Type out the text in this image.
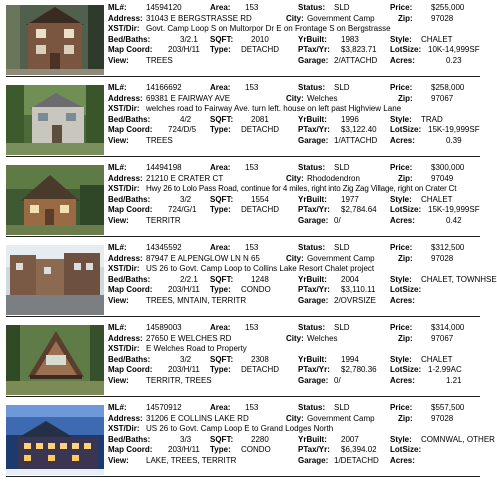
ML#: 14594120	Area: 153	Status: SLD	Price: $255,000
Address: 31043 E BERGSTRASSE RD	City: Government Camp	Zip: 97028
XST/Dir: Govt. Camp Loop S on Multorpor Dr E on Frontage S on Bergstrasse
Bed/Baths:	3/2.1 SQFT: 2010	YrBuilt: 1983	Style: CHALET
Map Coord: 203/H/11 Type: DETACHD PTax/Yr: $3,823.71 LotSize: 10K-14,999SF
View: TREES	Garage: 2/ATTACHD Acres:	0.23
ML#: 14166692	Area: 153	Status: SLD	Price: $258,000
Address: 69381 E FAIRWAY AVE	City: Welches	Zip: 97067
XST/Dir: welches road to Fairway Ave. turn left. house on left past Highview Lane
Bed/Baths:	4/2 SQFT: 2081	YrBuilt: 1996	Style: TRAD
Map Coord: 724/D/5 Type: DETACHD PTax/Yr: $3,122.40 LotSize: 15K-19,999SF
View: TREES	Garage: 1/ATTACHD Acres:	0.39
ML#: 14494198	Area: 153	Status: SLD	Price: $300,000
Address: 21210 E CRATER CT	City: Rhododendron	Zip: 97049
XST/Dir: Hwy 26 to Lolo Pass Road, continue for 4 miles, right into Zig Zag Village, right on Crater Ct
Bed/Baths:	3/2 SQFT: 1554	YrBuilt: 1977	Style: CHALET
Map Coord: 724/G/1 Type: DETACHD PTax/Yr: $2,784.64 LotSize: 15K-19,999SF
View: TERRITR	Garage: 0/	Acres:	0.42
ML#: 14345592	Area: 153	Status: SLD	Price: $312,500
Address: 87947 E ALPENGLOW LN N 65	City: Government Camp	Zip: 97028
XST/Dir: US 26 to Govt. Camp Loop to Collins Lake Resort Chalet project
Bed/Baths:	2/2.1 SQFT: 1248	YrBuilt: 2004	Style: CHALET, TOWNHSE
Map Coord: 203/H/11 Type: CONDO	PTax/Yr: $3,110.11 LotSize:
View: TREES, MNTAIN, TERRITR	Garage: 2/OVRSIZE Acres:
ML#: 14589003	Area: 153	Status: SLD	Price: $314,000
Address: 27650 E WELCHES RD	City: Welches	Zip: 97067
XST/Dir: E Welches Road to Property
Bed/Baths:	3/2 SQFT: 2308	YrBuilt: 1994	Style: CHALET
Map Coord: 203/H/11 Type: DETACHD PTax/Yr: $2,780.36 LotSize: 1-2.99AC
View: TERRITR, TREES	Garage: 0/	Acres:	1.21
ML#: 14570912	Area: 153	Status: SLD	Price: $557,500
Address: 31206 E COLLINS LAKE RD	City: Government Camp	Zip: 97028
XST/Dir: US 26 to Govt. Camp Loop E to Grand Lodges North
Bed/Baths:	3/3 SQFT: 2280	YrBuilt: 2007	Style: COMNWAL, OTHER
Map Coord: 203/H/11 Type: CONDO	PTax/Yr: $6,394.02 LotSize:
View: LAKE, TREES, TERRITR	Garage: 1/DETACHD Acres:
